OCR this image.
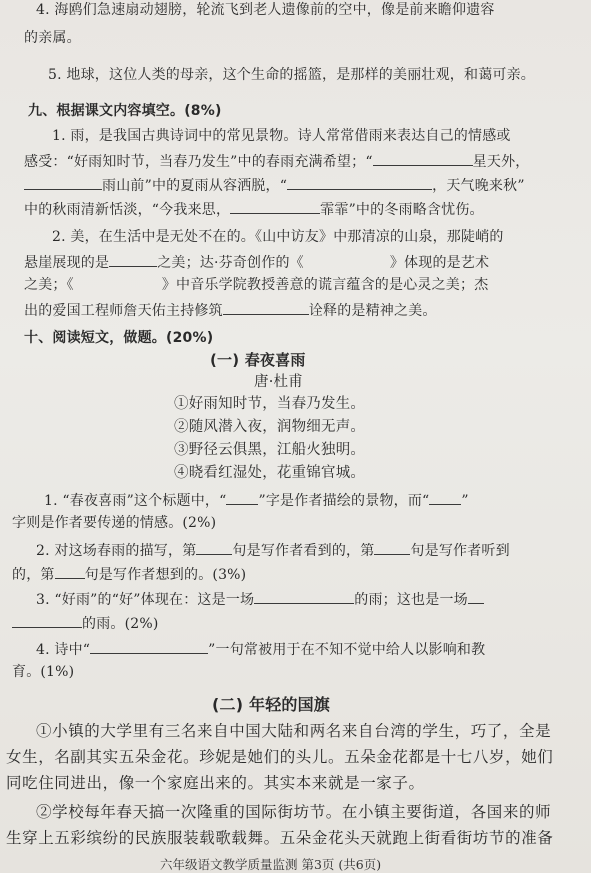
4. 海鸥们急速扇动翅膀，轮流飞到老人遗像前的空中，像是前来瞻仰遗容
的亲属。
5. 地球，这位人类的母亲，这个生命的摇篮，是那样的美丽壮观，和蔼可亲。
九、根据课文内容填空。(8%)
1. 雨，是我国古典诗词中的常见景物。诗人常常借雨来表达自己的情感或
感受：“好雨知时节，当春乃发生”中的春雨充满希望；“	星天外，
雨山前”中的夏雨从容洒脱，“	，天气晚来秋”
中的秋雨清新恬淡，“今我来思，	霏霏”中的冬雨略含忧伤。
2. 美，在生活中是无处不在的。《山中访友》中那清凉的山泉，那陡峭的
悬崖展现的是	之美；达·芬奇创作的《	》体现的是艺术
之美；《	》中音乐学院教授善意的谎言蕴含的是心灵之美；杰
出的爱国工程师詹天佑主持修筑	诠释的是精神之美。
十、阅读短文，做题。(20%)
(一) 春夜喜雨
唐·杜甫
①好雨知时节，当春乃发生。
②随风潜入夜，润物细无声。
③野径云俱黑，江船火独明。
④晓看红湿处，花重锦官城。
1. “春夜喜雨”这个标题中，“ ”字是作者描绘的景物，而“ ”
字则是作者要传递的情感。(2%)
2. 对这场春雨的描写，第	句是写作者看到的，第	句是写作者听到
的，第 句是写作者想到的。(3%)
3. “好雨”的“好”体现在：这是一场	的雨；这也是一场
的雨。(2%)
4. 诗中“	”一句常被用于在不知不觉中给人以影响和教
育。(1%)
(二) 年轻的国旗
①小镇的大学里有三名来自中国大陆和两名来自台湾的学生，巧了，全是
女生，名副其实五朵金花。珍妮是她们的头儿。五朵金花都是十七八岁，她们
同吃住同进出，像一个家庭出来的。其实本来就是一家子。
②学校每年春天搞一次隆重的国际街坊节。在小镇主要街道，各国来的师
生穿上五彩缤纷的民族服装载歌载舞。五朵金花头天就跑上街看街坊节的准备
六年级语文教学质量监测 第3页 (共6页)
